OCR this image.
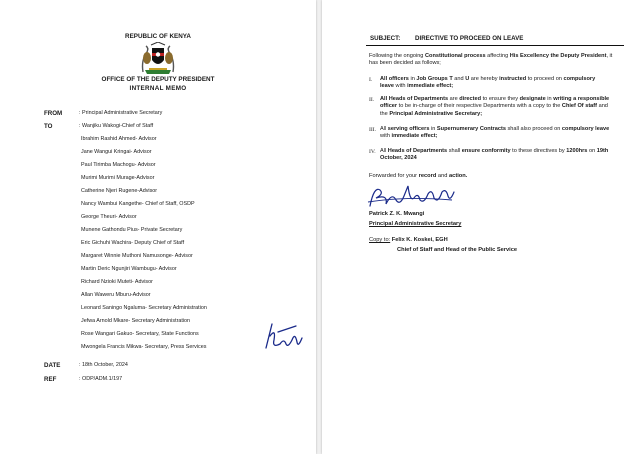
REPUBLIC OF KENYA
OFFICE OF THE DEPUTY PRESIDENT
INTERNAL MEMO
FROM	: Principal Administrative Secretary
TO	: Wanjiku Wakogi-Chief of Staff
Ibrahim Rashid Ahmed- Advisor
Jane Wangui Kringai- Advisor
Paul Tirimba Machogu- Advisor
Murimi Murimi Murage-Advisor
Catherine Njeri Rugene-Advisor
Nancy Wambui Kangethe- Chief of Staff, OSDP
George Theuri- Advisor
Munene Gathondu Pius- Private Secretary
Eric Gichuhi Wachira- Deputy Chief of Staff
Margaret Winnie Muthoni Namusonge- Advisor
Martin Deric Ngunjiri Wambugu- Advisor
Richard Nzioki Muteti- Advisor
Allan Waweru Mburu-Advisor
Leonard Saningo Ngaluma- Secretary Administration
Jefwa Arnold Mkare- Secretary Administration
Rose Wangari Gakuo- Secretary, State Functions
Mwongela Francis Mikwa- Secretary, Press Services
DATE	: 18th October, 2024
REF	: ODP/ADM.1/197
SUBJECT: DIRECTIVE TO PROCEED ON LEAVE
Following the ongoing Constitutional process affecting His Excellency the Deputy President, it has been decided as follows;
I. All officers in Job Groups T and U are hereby instructed to proceed on compulsory leave with immediate effect;
II. All Heads of Departments are directed to ensure they designate in writing a responsible officer to be in-charge of their respective Departments with a copy to the Chief Of staff and the Principal Administrative Secretary;
III. All serving officers in Supernumerary Contracts shall also proceed on compulsory leave with immediate effect;
IV. All Heads of Departments shall ensure conformity to these directives by 1200hrs on 19th October, 2024
Forwarded for your record and action.
Patrick Z. K. Mwangi
Principal Administrative Secretary
Copy to: Felix K. Koskei, EGH
Chief of Staff and Head of the Public Service
